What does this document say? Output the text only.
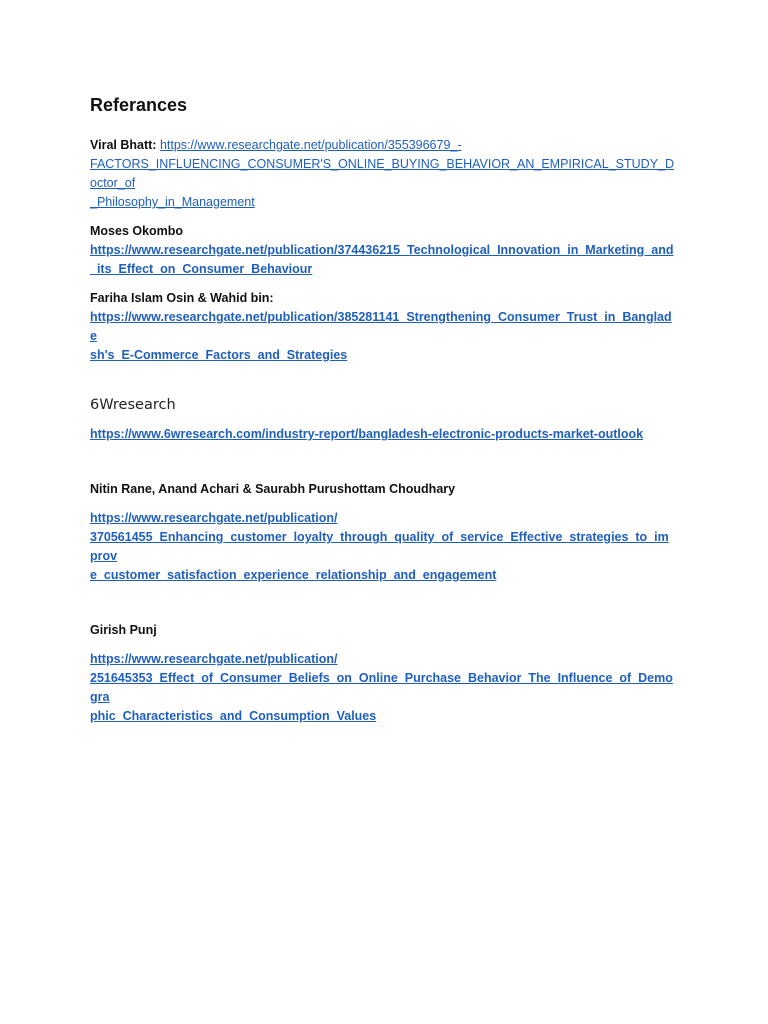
Referances
Viral Bhatt: https://www.researchgate.net/publication/355396679_-

FACTORS_INFLUENCING_CONSUMER'S_ONLINE_BUYING_BEHAVIOR_AN_EMPIRICAL_STUDY_Doctor_of
_Philosophy_in_Management
Moses Okombo
https://www.researchgate.net/publication/374436215_Technological_Innovation_in_Marketing_and
_its_Effect_on_Consumer_Behaviour
Fariha Islam Osin & Wahid bin:
https://www.researchgate.net/publication/385281141_Strengthening_Consumer_Trust_in_Banglade
sh's_E-Commerce_Factors_and_Strategies
6Wresearch
https://www.6wresearch.com/industry-report/bangladesh-electronic-products-market-outlook
Nitin Rane, Anand Achari & Saurabh Purushottam Choudhary
https://www.researchgate.net/publication/
370561455_Enhancing_customer_loyalty_through_quality_of_service_Effective_strategies_to_improv
e_customer_satisfaction_experience_relationship_and_engagement
Girish Punj
https://www.researchgate.net/publication/
251645353_Effect_of_Consumer_Beliefs_on_Online_Purchase_Behavior_The_Influence_of_Demogra
phic_Characteristics_and_Consumption_Values
